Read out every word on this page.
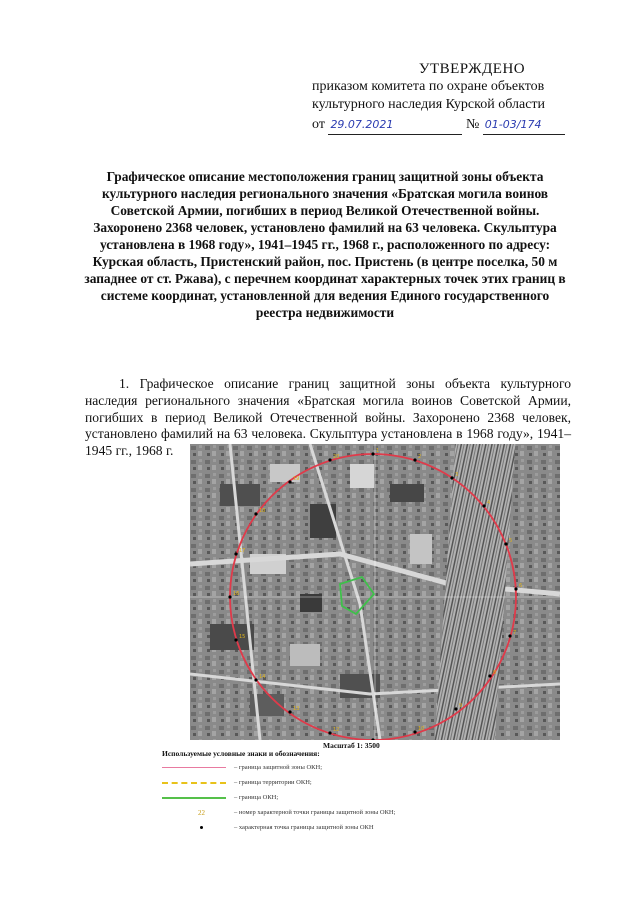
УТВЕРЖДЕНО
приказом комитета по охране объектов
культурного наследия Курской области
от 29.07.2021	№ 01-03/174
Графическое описание местоположения границ защитной зоны объекта культурного наследия регионального значения «Братская могила воинов Советской Армии, погибших в период Великой Отечественной войны. Захоронено 2368 человек, установлено фамилий на 63 человека. Скульптура установлена в 1968 году», 1941–1945 гг., 1968 г., расположенного по адресу: Курская область, Пристенский район, пос. Пристень (в центре поселка, 50 м западнее от ст. Ржава), с перечнем координат характерных точек этих границ в системе координат, установленной для ведения Единого государственного реестра недвижимости
1. Графическое описание границ защитной зоны объекта культурного наследия регионального значения «Братская могила воинов Советской Армии, погибших в период Великой Отечественной войны. Захоронено 2368 человек, установлено фамилий на 63 человека. Скульптура установлена в 1968 году», 1941–1945 гг., 1968 г.	1
2
3
4
5
6
7
8
9
10
12
13
14
15
16
17
18
19
20
Масштаб 1: 3500
Используемые условные знаки и обозначения:
– граница защитной зоны ОКН;
– граница территории ОКН;
– граница ОКН;
22	– номер характерной точки границы защитной зоны ОКН;
– характерная точка границы защитной зоны ОКН
